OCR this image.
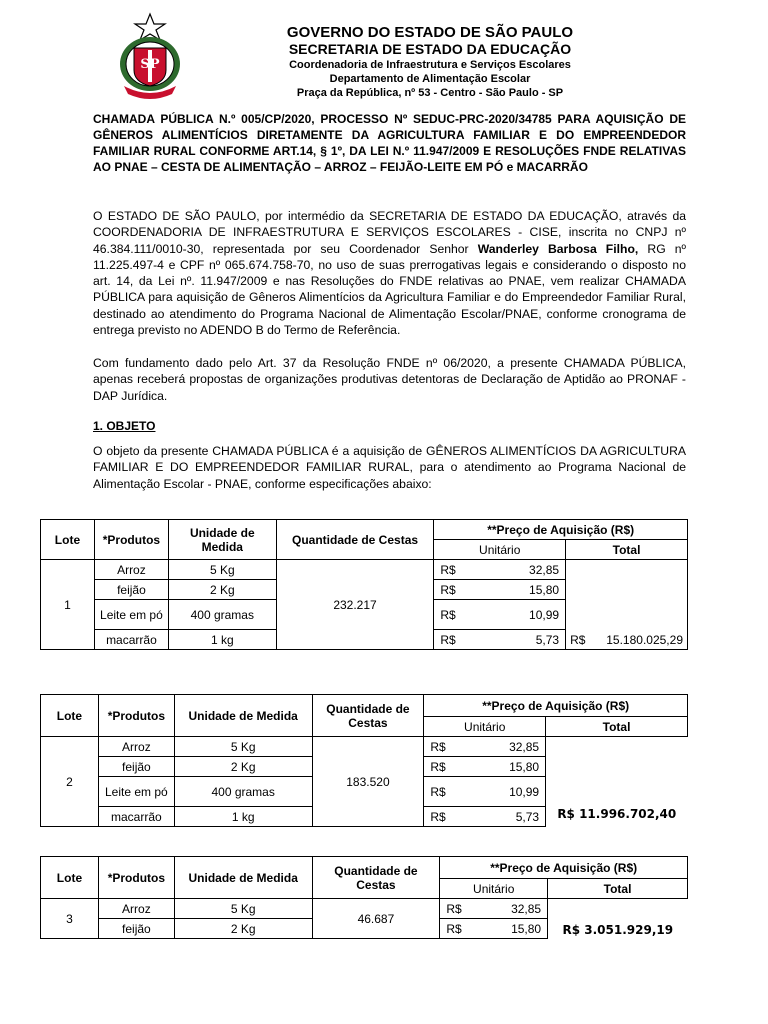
SP
GOVERNO DO ESTADO DE SÃO PAULO
SECRETARIA DE ESTADO DA EDUCAÇÃO
Coordenadoria de Infraestrutura e Serviços Escolares
Departamento de Alimentação Escolar
Praça da República, nº 53 - Centro - São Paulo - SP
CHAMADA PÚBLICA N.º 005/CP/2020, PROCESSO Nº SEDUC-PRC-2020/34785 PARA AQUISIÇÃO DE GÊNEROS ALIMENTÍCIOS DIRETAMENTE DA AGRICULTURA FAMILIAR E DO EMPREENDEDOR FAMILIAR RURAL CONFORME ART.14, § 1º, DA LEI N.º 11.947/2009 E RESOLUÇÕES FNDE RELATIVAS AO PNAE – CESTA DE ALIMENTAÇÃO – ARROZ – FEIJÃO-LEITE EM PÓ e MACARRÃO
O ESTADO DE SÃO PAULO, por intermédio da SECRETARIA DE ESTADO DA EDUCAÇÃO, através da COORDENADORIA DE INFRAESTRUTURA E SERVIÇOS ESCOLARES - CISE, inscrita no CNPJ nº 46.384.111/0010-30, representada por seu Coordenador Senhor Wanderley Barbosa Filho, RG nº 11.225.497-4 e CPF nº 065.674.758-70, no uso de suas prerrogativas legais e considerando o disposto no art. 14, da Lei nº. 11.947/2009 e nas Resoluções do FNDE relativas ao PNAE, vem realizar CHAMADA PÚBLICA para aquisição de Gêneros Alimentícios da Agricultura Familiar e do Empreendedor Familiar Rural, destinado ao atendimento do Programa Nacional de Alimentação Escolar/PNAE, conforme cronograma de entrega previsto no ADENDO B do Termo de Referência.
Com fundamento dado pelo Art. 37 da Resolução FNDE nº 06/2020, a presente CHAMADA PÚBLICA, apenas receberá propostas de organizações produtivas detentoras de Declaração de Aptidão ao PRONAF - DAP Jurídica.
1. OBJETO
O objeto da presente CHAMADA PÚBLICA é a aquisição de GÊNEROS ALIMENTÍCIOS DA AGRICULTURA FAMILIAR E DO EMPREENDEDOR FAMILIAR RURAL, para o atendimento ao Programa Nacional de Alimentação Escolar - PNAE, conforme especificações abaixo:
Lote	*Produtos	Unidade de Medida	Quantidade de Cestas	**Preço de Aquisição (R$)	
				Unitário	Total
1	Arroz	5 Kg	232.217	R$ 32,85	R$ 15.180.025,29

	feijão	2 Kg		R$ 15,80	

	Leite em pó	400 gramas		R$ 10,99	

	macarrão	1 kg		R$ 5,73	
Lote	*Produtos	Unidade de Medida	Quantidade de Cestas	**Preço de Aquisição (R$)	
				Unitário	Total
2	Arroz	5 Kg	183.520	R$ 32,85	R$ 11.996.702,40
	feijão	2 Kg		R$ 15,80	

	Leite em pó	400 gramas		R$ 10,99	

	macarrão	1 kg		R$ 5,73	
Lote	*Produtos	Unidade de Medida	Quantidade de Cestas	**Preço de Aquisição (R$)	
				Unitário	Total
3	Arroz	5 Kg	46.687	R$ 32,85	R$ 3.051.929,19
	feijão	2 Kg		R$ 15,80	
